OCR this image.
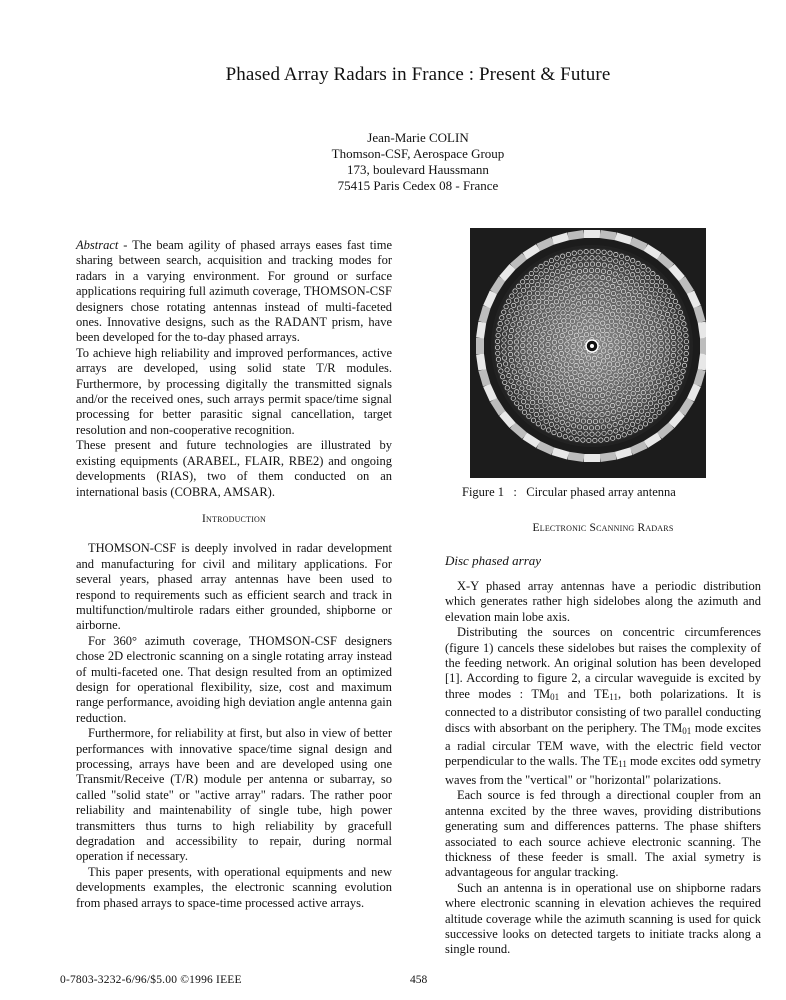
Phased Array Radars in France : Present & Future
Jean-Marie COLIN
Thomson-CSF, Aerospace Group
173, boulevard Haussmann
75415 Paris Cedex 08 - France

Abstract - The beam agility of phased arrays eases fast time sharing between search, acquisition and tracking modes for radars in a varying environment. For ground or surface applications requiring full azimuth coverage, THOMSON-CSF designers chose rotating antennas instead of multi-faceted ones. Innovative designs, such as the RADANT prism, have been developed for the to-day phased arrays.

To achieve high reliability and improved performances, active arrays are developed, using solid state T/R modules. Furthermore, by processing digitally the transmitted signals and/or the received ones, such arrays permit space/time signal processing for better parasitic signal cancellation, target resolution and non-cooperative recognition.

These present and future technologies are illustrated by existing equipments (ARABEL, FLAIR, RBE2) and ongoing developments (RIAS), two of them conducted on an international basis (COBRA, AMSAR).

Introduction

THOMSON-CSF is deeply involved in radar development and manufacturing for civil and military applications. For several years, phased array antennas have been used to respond to requirements such as efficient search and track in multifunction/multirole radars either grounded, shipborne or airborne.

For 360° azimuth coverage, THOMSON-CSF designers chose 2D electronic scanning on a single rotating array instead of multi-faceted one. That design resulted from an optimized design for operational flexibility, size, cost and maximum range performance, avoiding high deviation angle antenna gain reduction.

Furthermore, for reliability at first, but also in view of better performances with innovative space/time signal design and processing, arrays have been and are developed using one Transmit/Receive (T/R) module per antenna or subarray, so called "solid state" or "active array" radars. The rather poor reliability and maintenability of single tube, high power transmitters thus turns to high reliability by gracefull degradation and accessibility to repair, during normal operation if necessary.

This paper presents, with operational equipments and new developments examples, the electronic scanning evolution from phased arrays to space-time processed active arrays.

Figure 1   :   Circular phased array antenna
Electronic Scanning Radars
Disc phased array

X-Y phased array antennas have a periodic distribution which generates rather high sidelobes along the azimuth and elevation main lobe axis.

Distributing the sources on concentric circumferences (figure 1) cancels these sidelobes but raises the complexity of the feeding network. An original solution has been developed [1]. According to figure 2, a circular waveguide is excited by three modes : $TM_{01}$ and $TE_{11}$, both polarizations. It is connected to a distributor consisting of two parallel conducting discs with absorbant on the periphery. The $TM_{01}$ mode excites a radial circular TEM wave, with the electric field vector perpendicular to the walls. The $TE_{11}$ mode excites odd symetry waves from the "vertical" or "horizontal" polarizations.

Each source is fed through a directional coupler from an antenna excited by the three waves, providing distributions generating sum and differences patterns. The phase shifters associated to each source achieve electronic scanning. The thickness of these feeder is small. The axial symetry is advantageous for angular tracking.

Such an antenna is in operational use on shipborne radars where electronic scanning in elevation achieves the required altitude coverage while the azimuth scanning is used for quick successive looks on detected targets to initiate tracks along a single round.

0-7803-3232-6/96/$5.00 ©1996 IEEE	458
